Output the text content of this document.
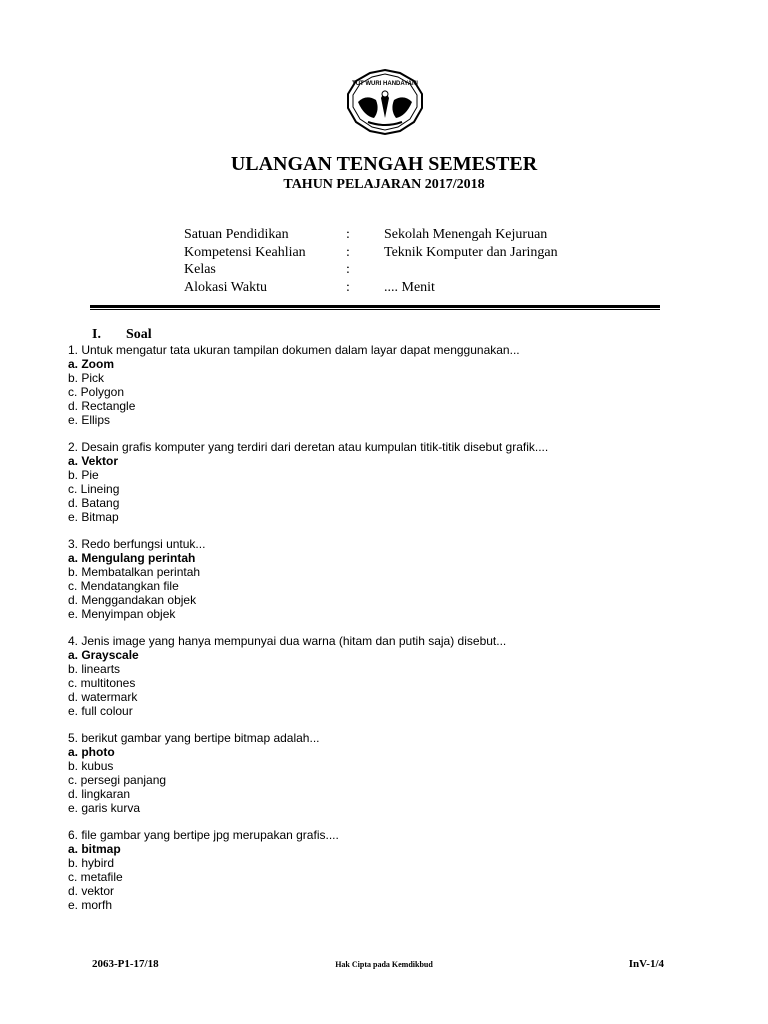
TUT WURI HANDAYANI
ULANGAN TENGAH SEMESTER
TAHUN PELAJARAN 2017/2018
Satuan Pendidikan	: Sekolah Menengah Kejuruan
Kompetensi Keahlian	: Teknik Komputer dan Jaringan
Kelas	:
Alokasi Waktu	: .... Menit
I. Soal
1. Untuk mengatur tata ukuran tampilan dokumen dalam layar dapat menggunakan...
a. Zoom
b. Pick
c. Polygon
d. Rectangle
e. Ellips
2. Desain grafis komputer yang terdiri dari deretan atau kumpulan titik-titik disebut grafik....
a. Vektor
b. Pie
c. Lineing
d. Batang
e. Bitmap
3. Redo berfungsi untuk...
a. Mengulang perintah
b. Membatalkan perintah
c. Mendatangkan file
d. Menggandakan objek
e. Menyimpan objek
4. Jenis image yang hanya mempunyai dua warna (hitam dan putih saja) disebut...
a. Grayscale
b. linearts
c. multitones
d. watermark
e. full colour
5. berikut gambar yang bertipe bitmap adalah...
a. photo
b. kubus
c. persegi panjang
d. lingkaran
e. garis kurva
6. file gambar yang bertipe jpg merupakan grafis....
a. bitmap
b. hybird
c. metafile
d. vektor
e. morfh
2063-P1-17/18	Hak Cipta pada Kemdikbud	InV-1/4
